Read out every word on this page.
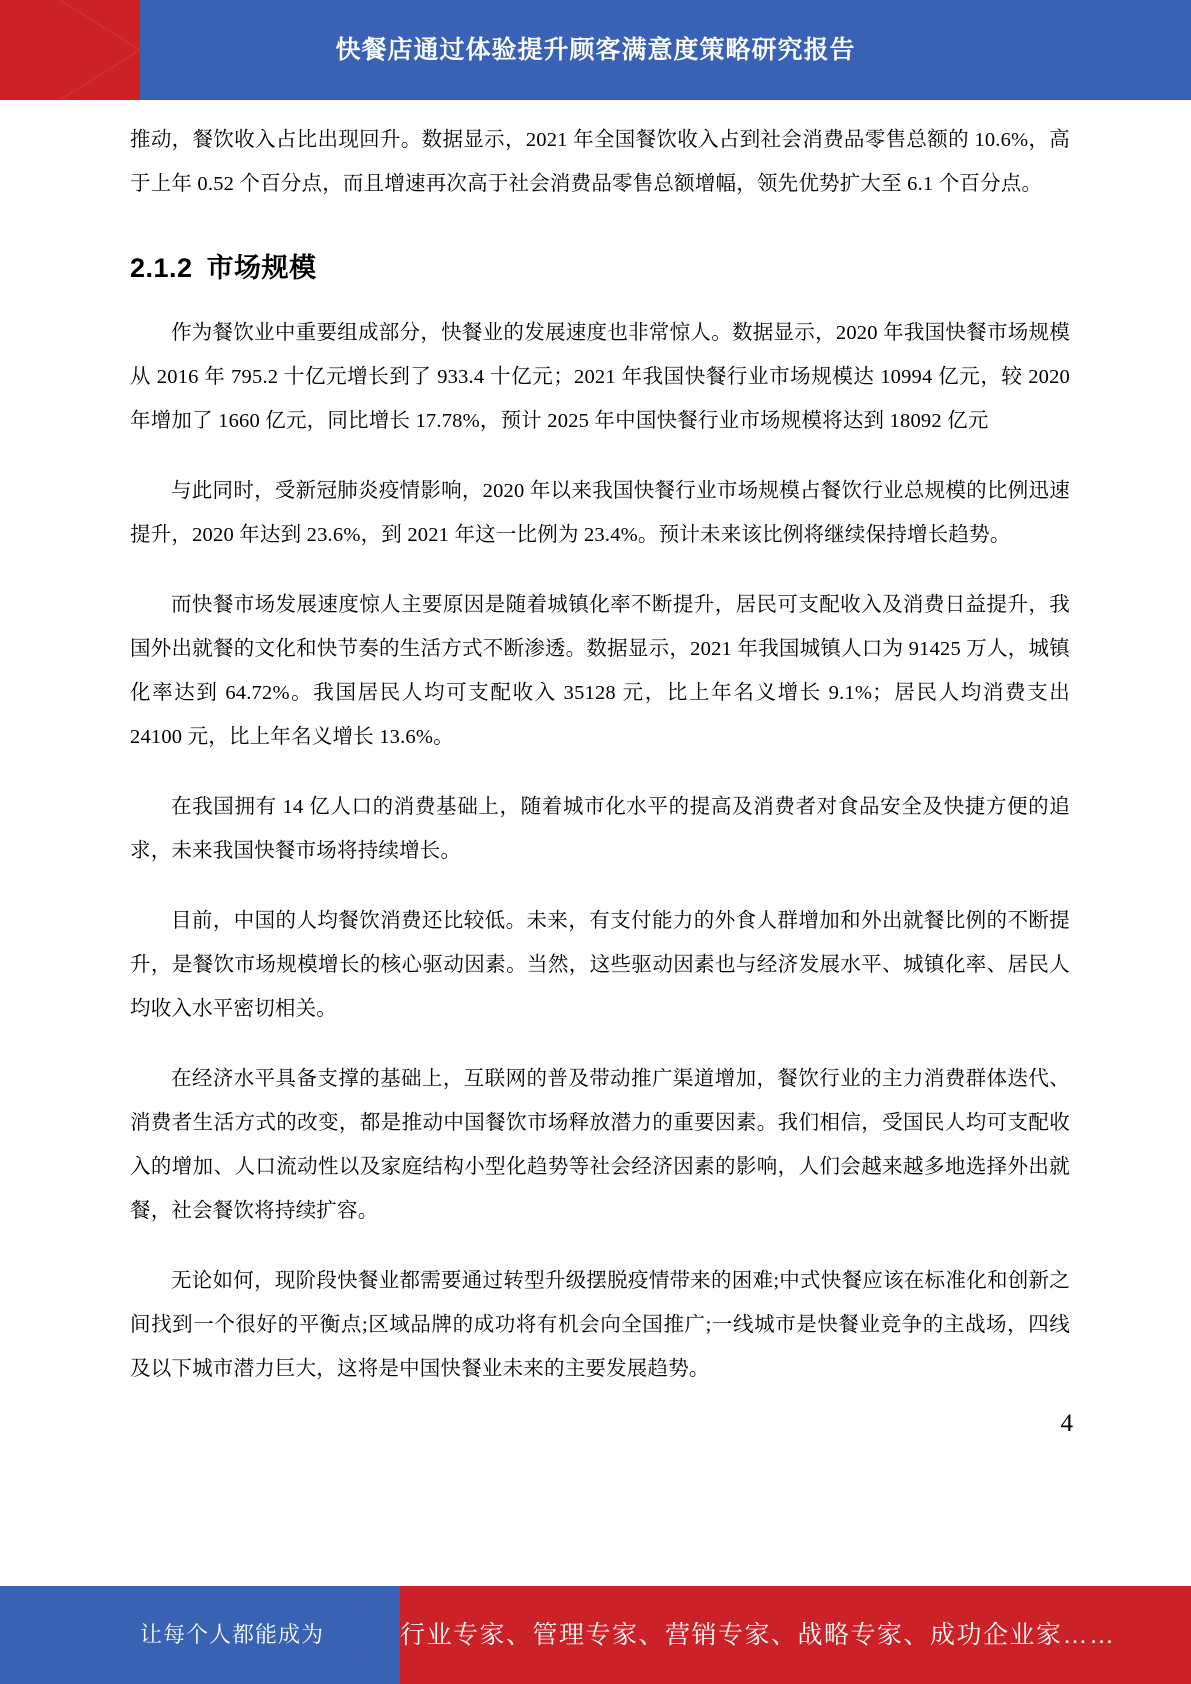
快餐店通过体验提升顾客满意度策略研究报告

推动，餐饮收入占比出现回升。数据显示，2021 年全国餐饮收入占到社会消费品零售总额的 10.6%，高于上年 0.52 个百分点，而且增速再次高于社会消费品零售总额增幅，领先优势扩大至 6.1 个百分点。

2.1.2 市场规模

作为餐饮业中重要组成部分，快餐业的发展速度也非常惊人。数据显示，2020 年我国快餐市场规模从 2016 年 795.2 十亿元增长到了 933.4 十亿元；2021 年我国快餐行业市场规模达 10994 亿元，较 2020 年增加了 1660 亿元，同比增长 17.78%，预计 2025 年中国快餐行业市场规模将达到 18092 亿元

与此同时，受新冠肺炎疫情影响，2020 年以来我国快餐行业市场规模占餐饮行业总规模的比例迅速提升，2020 年达到 23.6%，到 2021 年这一比例为 23.4%。预计未来该比例将继续保持增长趋势。

而快餐市场发展速度惊人主要原因是随着城镇化率不断提升，居民可支配收入及消费日益提升，我国外出就餐的文化和快节奏的生活方式不断渗透。数据显示，2021 年我国城镇人口为 91425 万人，城镇化率达到 64.72%。我国居民人均可支配收入 35128 元，比上年名义增长 9.1%；居民人均消费支出 24100 元，比上年名义增长 13.6%。

在我国拥有 14 亿人口的消费基础上，随着城市化水平的提高及消费者对食品安全及快捷方便的追求，未来我国快餐市场将持续增长。

目前，中国的人均餐饮消费还比较低。未来，有支付能力的外食人群增加和外出就餐比例的不断提升，是餐饮市场规模增长的核心驱动因素。当然，这些驱动因素也与经济发展水平、城镇化率、居民人均收入水平密切相关。

在经济水平具备支撑的基础上，互联网的普及带动推广渠道增加，餐饮行业的主力消费群体迭代、消费者生活方式的改变，都是推动中国餐饮市场释放潜力的重要因素。我们相信，受国民人均可支配收入的增加、人口流动性以及家庭结构小型化趋势等社会经济因素的影响，人们会越来越多地选择外出就餐，社会餐饮将持续扩容。

无论如何，现阶段快餐业都需要通过转型升级摆脱疫情带来的困难;中式快餐应该在标准化和创新之间找到一个很好的平衡点;区域品牌的成功将有机会向全国推广;一线城市是快餐业竞争的主战场，四线及以下城市潜力巨大，这将是中国快餐业未来的主要发展趋势。

4
让每个人都能成为	行业专家、管理专家、营销专家、战略专家、成功企业家……
